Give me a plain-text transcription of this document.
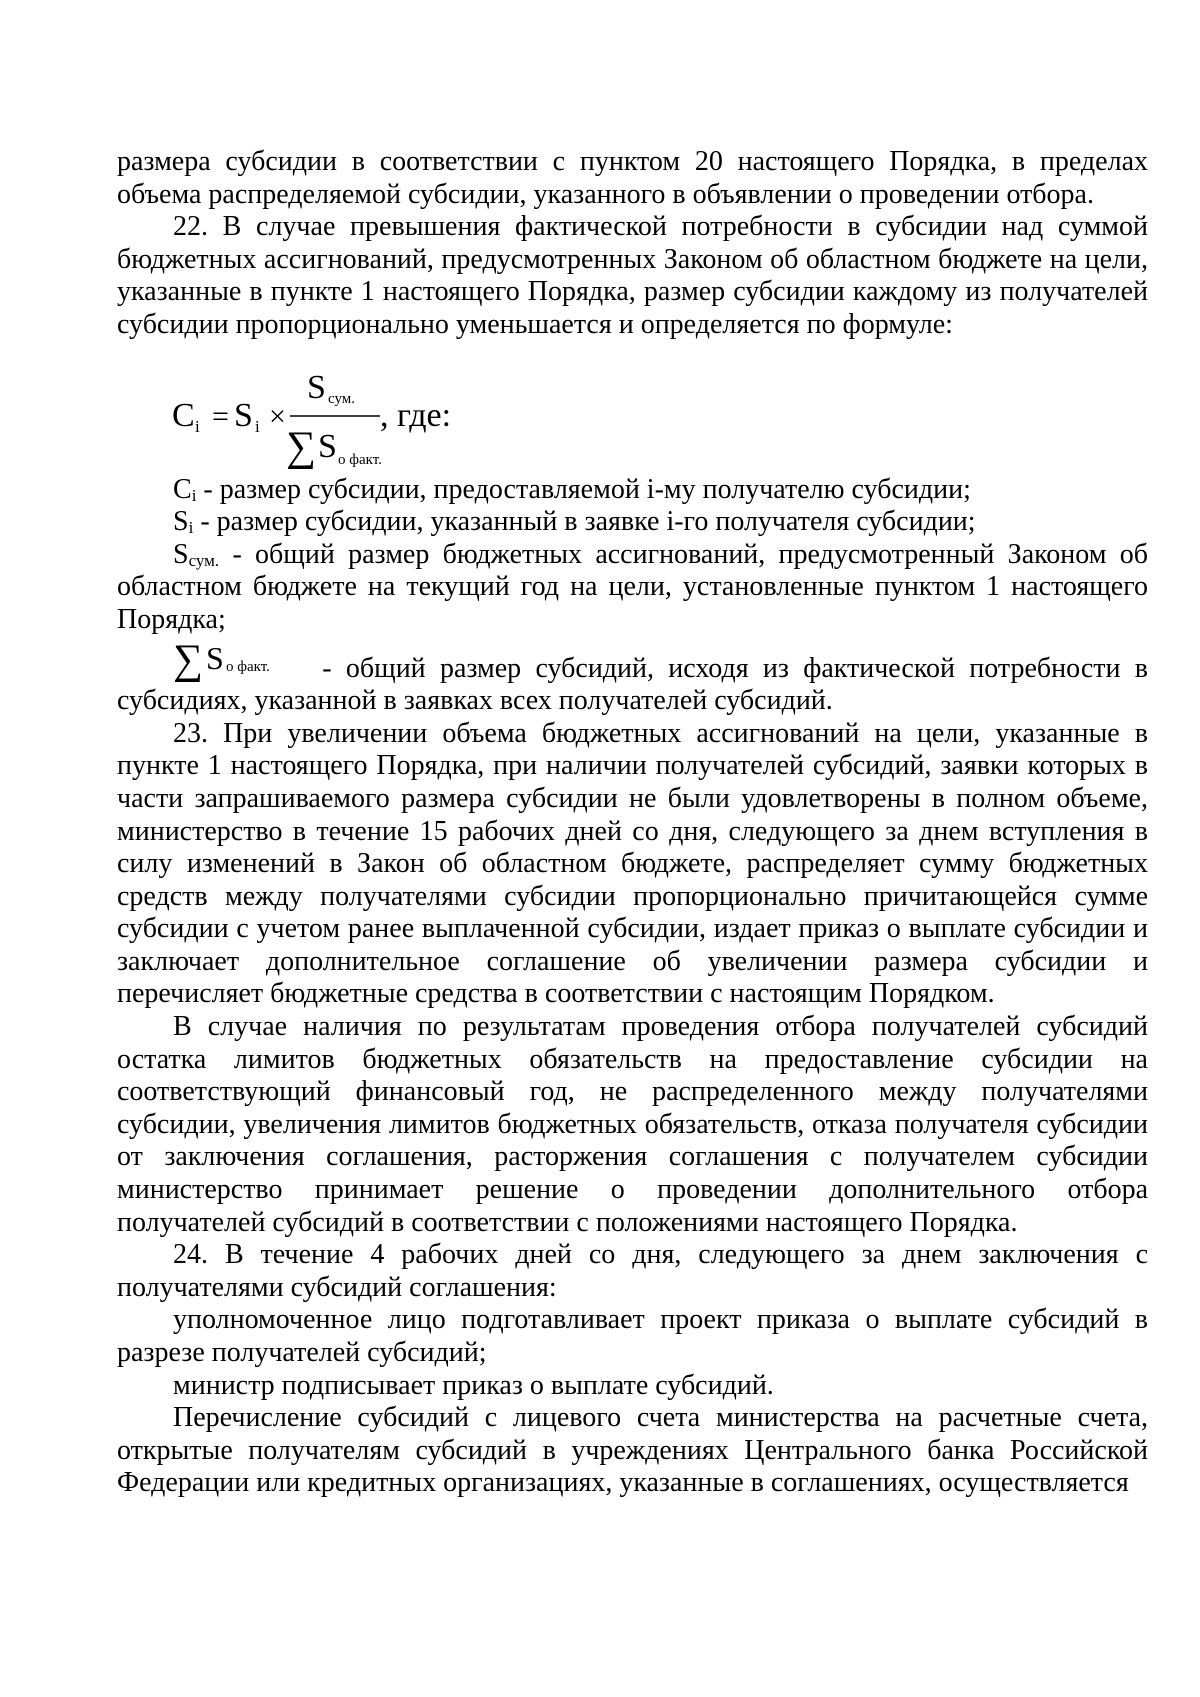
размера субсидии в соответствии с пунктом 20 настоящего Порядка, в пределах объема распределяемой субсидии, указанного в объявлении о проведении отбора.

22. В случае превышения фактической потребности в субсидии над суммой бюджетных ассигнований, предусмотренных Законом об областном бюджете на цели, указанные в пункте 1 настоящего Порядка, размер субсидии каждому из получателей субсидии пропорционально уменьшается и определяется по формуле:

C i = S i ×
S сум.
∑ S о факт.
, где:

$C_i$ - размер субсидии, предоставляемой i-му получателю субсидии;

$S_i$ - размер субсидии, указанный в заявке i-го получателя субсидии;

$S_{сум.}$ - общий размер бюджетных ассигнований, предусмотренный Законом об областном бюджете на текущий год на цели, установленные пунктом 1 настоящего Порядка;

∑ S о факт. - общий размер субсидий, исходя из фактической потребности в субсидиях, указанной в заявках всех получателей субсидий.

23. При увеличении объема бюджетных ассигнований на цели, указанные в пункте 1 настоящего Порядка, при наличии получателей субсидий, заявки которых в части запрашиваемого размера субсидии не были удовлетворены в полном объеме, министерство в течение 15 рабочих дней со дня, следующего за днем вступления в силу изменений в Закон об областном бюджете, распределяет сумму бюджетных средств между получателями субсидии пропорционально причитающейся сумме субсидии с учетом ранее выплаченной субсидии, издает приказ о выплате субсидии и заключает дополнительное соглашение об увеличении размера субсидии и перечисляет бюджетные средства в соответствии с настоящим Порядком.

В случае наличия по результатам проведения отбора получателей субсидий остатка лимитов бюджетных обязательств на предоставление субсидии на соответствующий финансовый год, не распределенного между получателями субсидии, увеличения лимитов бюджетных обязательств, отказа получателя субсидии от заключения соглашения, расторжения соглашения с получателем субсидии министерство принимает решение о проведении дополнительного отбора получателей субсидий в соответствии с положениями настоящего Порядка.

24. В течение 4 рабочих дней со дня, следующего за днем заключения с получателями субсидий соглашения:

уполномоченное лицо подготавливает проект приказа о выплате субсидий в разрезе получателей субсидий;

министр подписывает приказ о выплате субсидий.

Перечисление субсидий с лицевого счета министерства на расчетные счета, открытые получателям субсидий в учреждениях Центрального банка Российской Федерации или кредитных организациях, указанные в соглашениях, осуществляется
